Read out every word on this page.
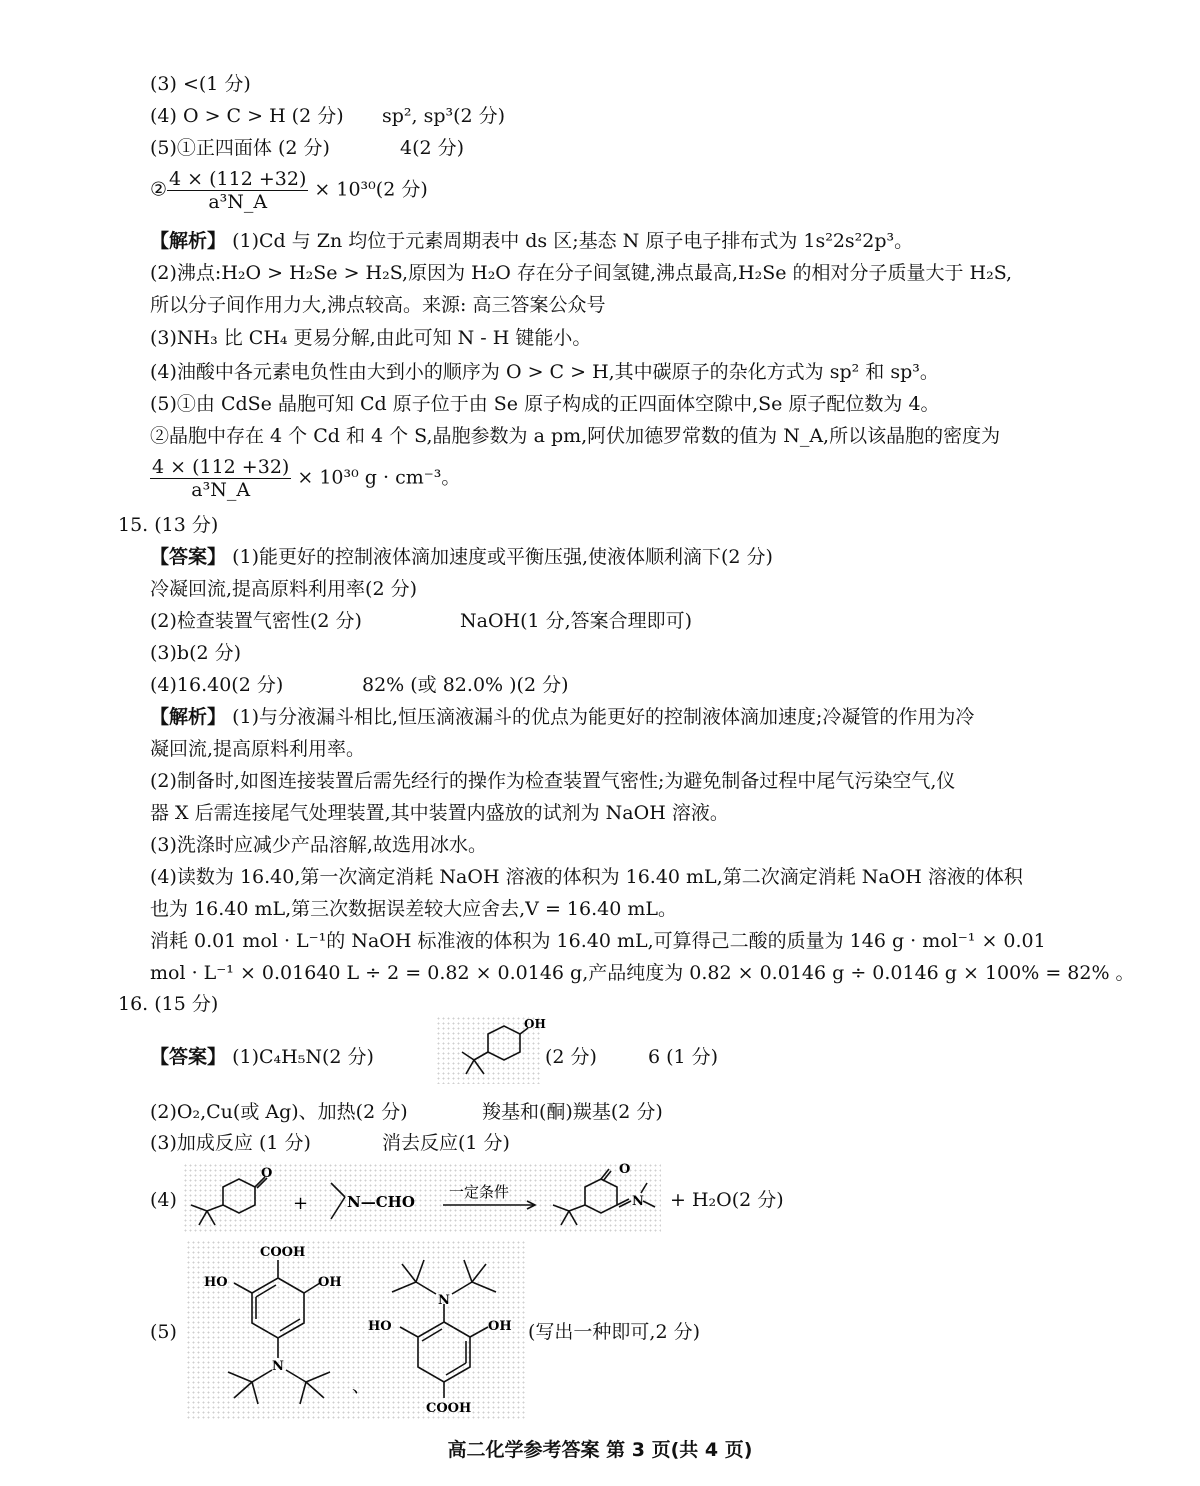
(3) <(1 分)
(4) O > C > H (2 分) sp², sp³(2 分)
(5)①正四面体 (2 分)	4(2 分)
② $\frac{4 \times (112 +32)}{\text{a³N\_A}} \times 10^{30}(2$ 分)
【解析】 (1)Cd 与 Zn 均位于元素周期表中 ds 区;基态 N 原子电子排布式为 1s²2s²2p³。
(2)沸点:H₂O > H₂Se > H₂S,原因为 H₂O 存在分子间氢键,沸点最高,H₂Se 的相对分子质量大于 H₂S,
所以分子间作用力大,沸点较高。来源: 高三答案公众号
(3)NH₃ 比 CH₄ 更易分解,由此可知 N - H 键能小。
(4)油酸中各元素电负性由大到小的顺序为 O > C > H,其中碳原子的杂化方式为 sp² 和 sp³。
(5)①由 CdSe 晶胞可知 Cd 原子位于由 Se 原子构成的正四面体空隙中,Se 原子配位数为 4。
②晶胞中存在 4 个 Cd 和 4 个 S,晶胞参数为 a pm,阿伏加德罗常数的值为 N_A,所以该晶胞的密度为
$\frac{4 \times (112 +32)}{\text{a³N\_A}} \times 10^{30}$ g · cm⁻³。
15. (13 分)
【答案】 (1)能更好的控制液体滴加速度或平衡压强,使液体顺利滴下(2 分)
冷凝回流,提高原料利用率(2 分)
(2)检查装置气密性(2 分)	NaOH(1 分,答案合理即可)
(3)b(2 分)
(4)16.40(2 分)	82% (或 82.0% )(2 分)
【解析】 (1)与分液漏斗相比,恒压滴液漏斗的优点为能更好的控制液体滴加速度;冷凝管的作用为冷
凝回流,提高原料利用率。
(2)制备时,如图连接装置后需先经行的操作为检查装置气密性;为避免制备过程中尾气污染空气,仪
器 X 后需连接尾气处理装置,其中装置内盛放的试剂为 NaOH 溶液。
(3)洗涤时应减少产品溶解,故选用冰水。
(4)读数为 16.40,第一次滴定消耗 NaOH 溶液的体积为 16.40 mL,第二次滴定消耗 NaOH 溶液的体积
也为 16.40 mL,第三次数据误差较大应舍去,V = 16.40 mL。
消耗 0.01 mol · L⁻¹的 NaOH 标准液的体积为 16.40 mL,可算得己二酸的质量为 146 g · mol⁻¹ × 0.01
mol · L⁻¹ × 0.01640 L ÷ 2 = 0.82 × 0.0146 g,产品纯度为 0.82 × 0.0146 g ÷ 0.0146 g × 100% = 82% 。
16. (15 分)
【答案】 (1)C₄H₅N(2 分)
OH
(2 分)	6 (1 分)
(2)O₂,Cu(或 Ag)、加热(2 分)	羧基和(酮)羰基(2 分)
(3)加成反应 (1 分)	消去反应(1 分)
(4)
O
+	N—CHO
一定条件
O
N + H₂O(2 分)
(5)
COOH
HO	OH
N
、
N
HO	OH
COOH
(写出一种即可,2 分)
高二化学参考答案 第 3 页(共 4 页)
